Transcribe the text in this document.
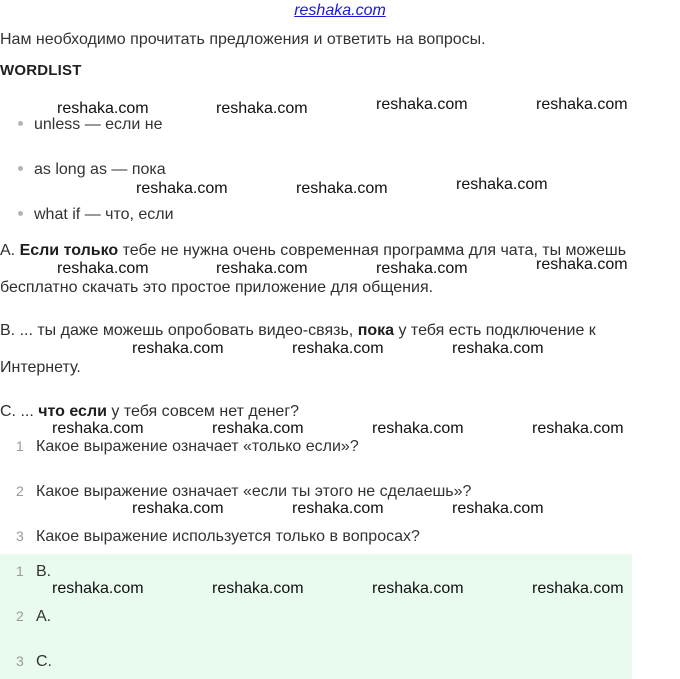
reshaka.com
Нам необходимо прочитать предложения и ответить на вопросы.
WORDLIST
unless — если не
as long as — пока
what if — что, если
A. Если только тебе не нужна очень современная программа для чата, ты можешь бесплатно скачать это простое приложение для общения.
B. ... ты даже можешь опробовать видео-связь, пока у тебя есть подключение к Интернету.
C. ... что если у тебя совсем нет денег?
1 Какое выражение означает «только если»?
2 Какое выражение означает «если ты этого не сделаешь»?
3 Какое выражение используется только в вопросах?
1 B.
2 A.
3 C.
reshaka.com	reshaka.com	reshaka.com	reshaka.com
reshaka.com	reshaka.com	reshaka.com
reshaka.com	reshaka.com	reshaka.com	reshaka.com
reshaka.com	reshaka.com	reshaka.com
reshaka.com	reshaka.com	reshaka.com	reshaka.com
reshaka.com	reshaka.com	reshaka.com
reshaka.com	reshaka.com	reshaka.com	reshaka.com
